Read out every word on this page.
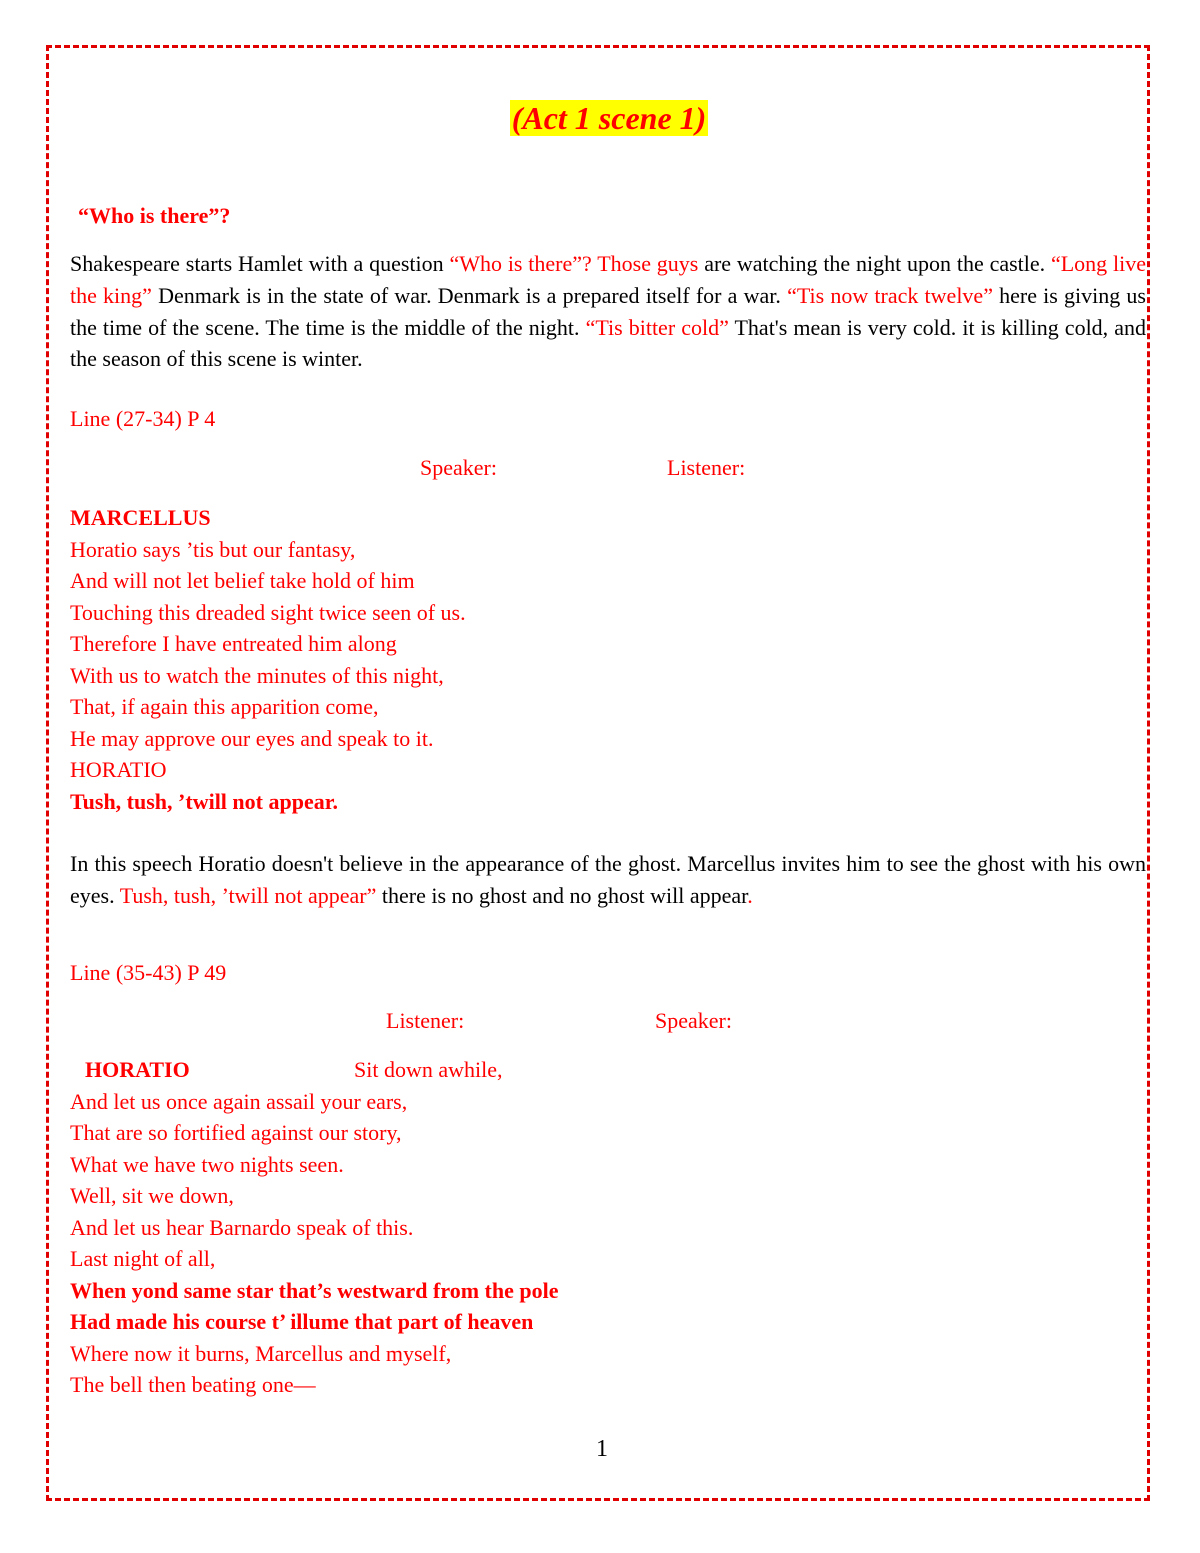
(Act 1 scene 1)
“Who is there”?
Shakespeare starts Hamlet with a question “Who is there”? Those guys are watching the night upon the castle. “Long live the king” Denmark is in the state of war. Denmark is a prepared itself for a war. “Tis now track twelve” here is giving us the time of the scene. The time is the middle of the night. “Tis bitter cold” That's mean is very cold. it is killing cold, and the season of this scene is winter.
Line (27-34) P 4
Speaker:	Listener:
MARCELLUS
Horatio says ’tis but our fantasy,
And will not let belief take hold of him
Touching this dreaded sight twice seen of us.
Therefore I have entreated him along
With us to watch the minutes of this night,
That, if again this apparition come,
He may approve our eyes and speak to it.
HORATIO
Tush, tush, ’twill not appear.
In this speech Horatio doesn't believe in the appearance of the ghost. Marcellus invites him to see the ghost with his own eyes. Tush, tush, ’twill not appear” there is no ghost and no ghost will appear.
Line (35-43) P 49
Listener:	Speaker:
HORATIO	Sit down awhile,
And let us once again assail your ears,
That are so fortified against our story,
What we have two nights seen.
Well, sit we down,
And let us hear Barnardo speak of this.
Last night of all,
When yond same star that’s westward from the pole
Had made his course t’ illume that part of heaven
Where now it burns, Marcellus and myself,
The bell then beating one—
1
